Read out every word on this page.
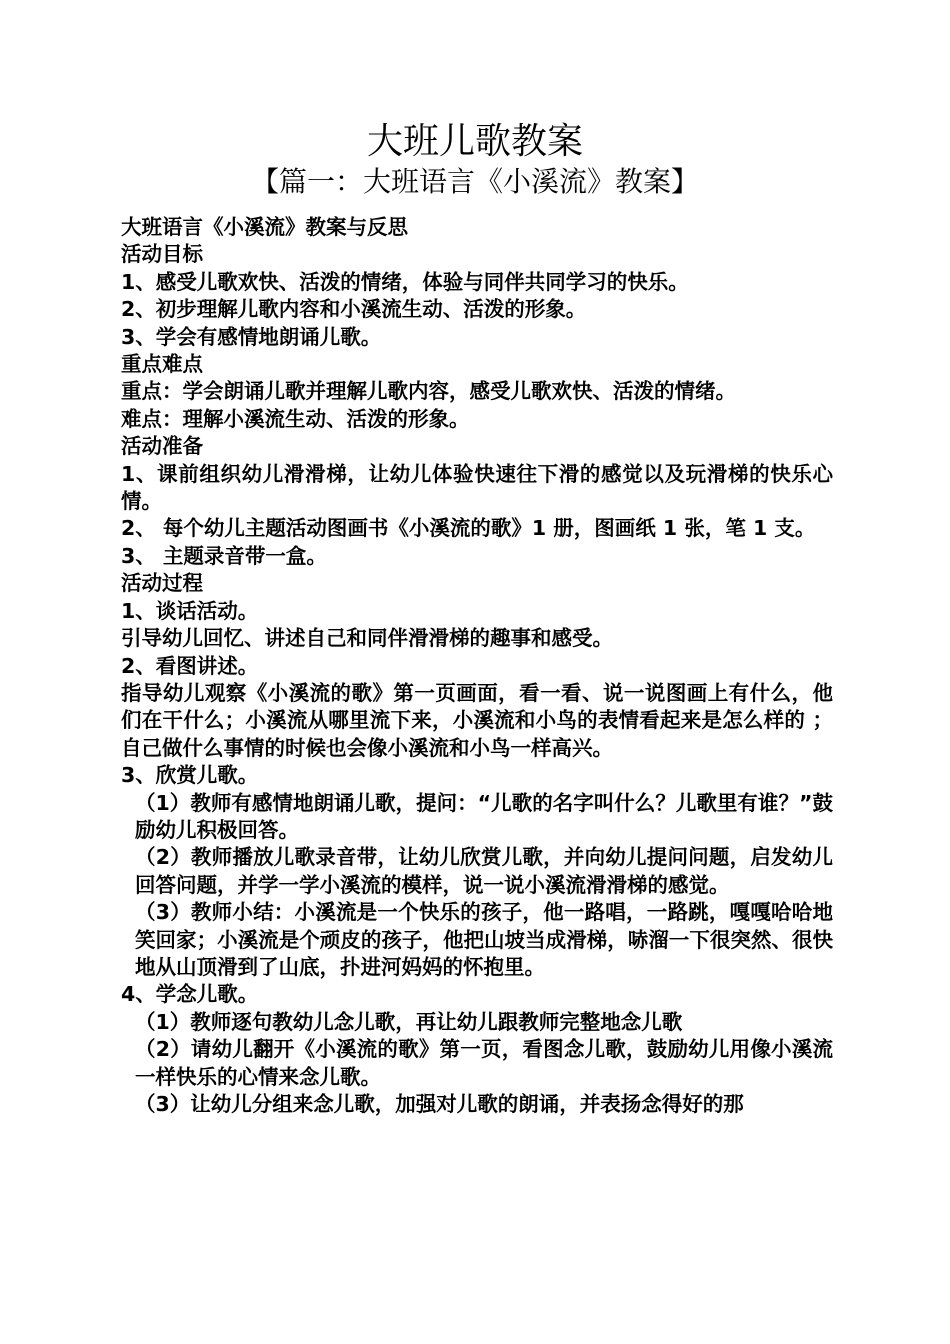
大班儿歌教案
【篇一：大班语言《小溪流》教案】

大班语言《小溪流》教案与反思

活动目标

1、感受儿歌欢快、活泼的情绪，体验与同伴共同学习的快乐。

2、初步理解儿歌内容和小溪流生动、活泼的形象。

3、学会有感情地朗诵儿歌。

重点难点

重点：学会朗诵儿歌并理解儿歌内容，感受儿歌欢快、活泼的情绪。

难点：理解小溪流生动、活泼的形象。

活动准备

1、课前组织幼儿滑滑梯，让幼儿体验快速往下滑的感觉以及玩滑梯的快乐心情。

2、 每个幼儿主题活动图画书《小溪流的歌》1 册，图画纸 1 张，笔 1 支。

3、 主题录音带一盒。

活动过程

1、谈话活动。

引导幼儿回忆、讲述自己和同伴滑滑梯的趣事和感受。

2、看图讲述。

指导幼儿观察《小溪流的歌》第一页画面，看一看、说一说图画上有什么，他们在干什么；小溪流从哪里流下来，小溪流和小鸟的表情看起来是怎么样的 ；自己做什么事情的时候也会像小溪流和小鸟一样高兴。

3、欣赏儿歌。

（1）教师有感情地朗诵儿歌，提问：“儿歌的名字叫什么？儿歌里有谁？”鼓励幼儿积极回答。

（2）教师播放儿歌录音带，让幼儿欣赏儿歌，并向幼儿提问问题，启发幼儿回答问题，并学一学小溪流的模样，说一说小溪流滑滑梯的感觉。

（3）教师小结：小溪流是一个快乐的孩子，他一路唱，一路跳，嘎嘎哈哈地笑回家；小溪流是个顽皮的孩子，他把山坡当成滑梯，哧溜一下很突然、很快地从山顶滑到了山底，扑进河妈妈的怀抱里。

4、学念儿歌。

（1）教师逐句教幼儿念儿歌，再让幼儿跟教师完整地念儿歌

（2）请幼儿翻开《小溪流的歌》第一页，看图念儿歌，鼓励幼儿用像小溪流一样快乐的心情来念儿歌。

（3）让幼儿分组来念儿歌，加强对儿歌的朗诵，并表扬念得好的那
